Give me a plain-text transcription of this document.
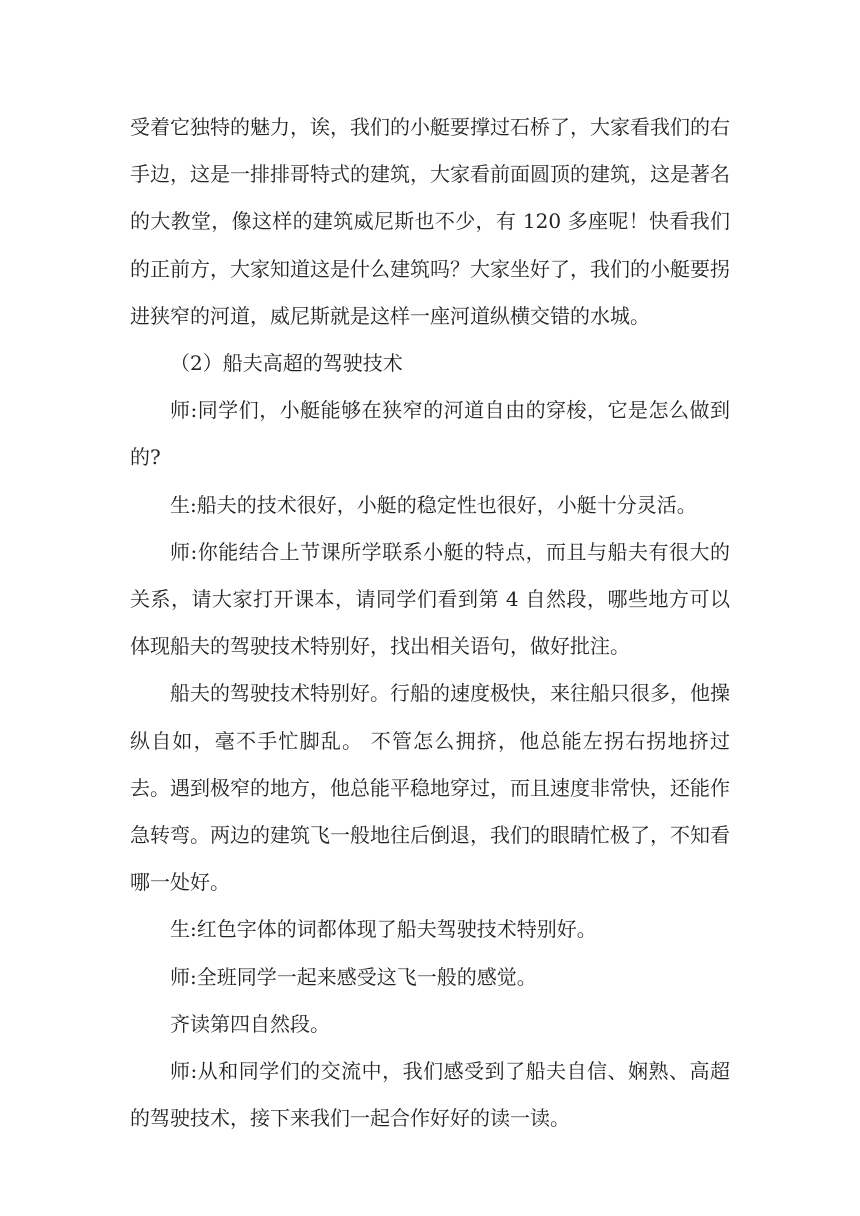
受着它独特的魅力，诶，我们的小艇要撑过石桥了，大家看我们的右手边，这是一排排哥特式的建筑，大家看前面圆顶的建筑，这是著名的大教堂，像这样的建筑威尼斯也不少，有 120 多座呢！快看我们的正前方，大家知道这是什么建筑吗？大家坐好了，我们的小艇要拐进狭窄的河道，威尼斯就是这样一座河道纵横交错的水城。

（2）船夫高超的驾驶技术

师:同学们，小艇能够在狭窄的河道自由的穿梭，它是怎么做到的?

生:船夫的技术很好，小艇的稳定性也很好，小艇十分灵活。

师:你能结合上节课所学联系小艇的特点，而且与船夫有很大的关系，请大家打开课本，请同学们看到第 4 自然段，哪些地方可以体现船夫的驾驶技术特别好，找出相关语句，做好批注。

船夫的驾驶技术特别好。行船的速度极快，来往船只很多，他操纵自如，毫不手忙脚乱。 不管怎么拥挤，他总能左拐右拐地挤过去。遇到极窄的地方，他总能平稳地穿过，而且速度非常快，还能作急转弯。两边的建筑飞一般地往后倒退，我们的眼睛忙极了，不知看哪一处好。

生:红色字体的词都体现了船夫驾驶技术特别好。

师:全班同学一起来感受这飞一般的感觉。

齐读第四自然段。

师:从和同学们的交流中，我们感受到了船夫自信、娴熟、高超的驾驶技术，接下来我们一起合作好好的读一读。
